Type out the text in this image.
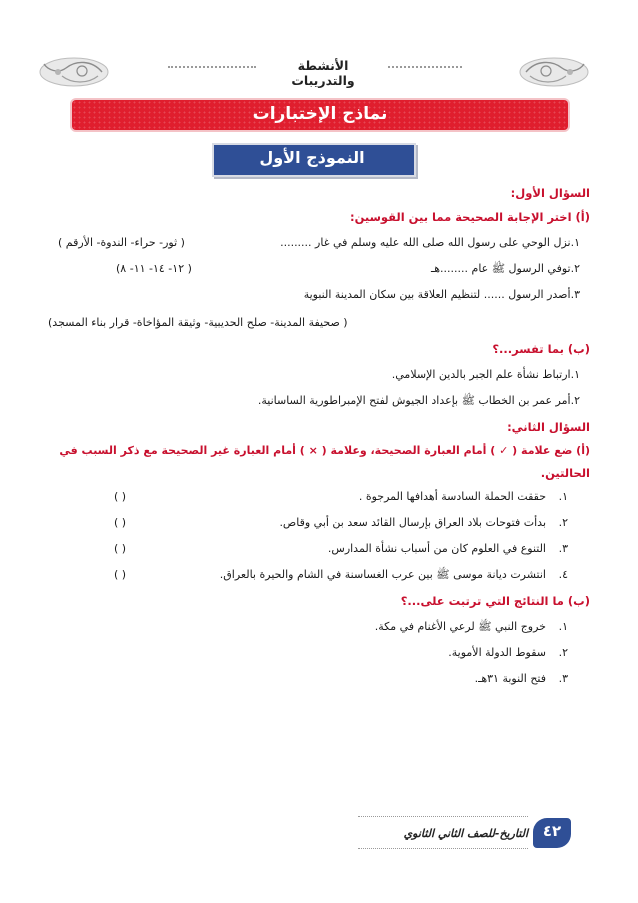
الأنشطة والتدريبات
نماذج الإختبارات
النموذج الأول
السؤال الأول:
(أ) اختر الإجابة الصحيحة مما بين القوسين:
١.نزل الوحي على رسول الله صلى الله عليه وسلم في غار .........
( ثور- حراء- الندوة- الأرقم )
٢.توفي الرسول ﷺ عام ........هـ
( ١٢- ١٤- ١١- ٨)
٣.أصدر الرسول ...... لتنظيم العلاقة بين سكان المدينة النبوية
( صحيفة المدينة- صلح الحديبية- وثيقة المؤاخاة- قرار بناء المسجد)
(ب) بما تفسر...؟
١.ارتباط نشأة علم الجبر بالدين الإسلامي.
٢.أمر عمر بن الخطاب ﷺ بإعداد الجيوش لفتح الإمبراطورية الساسانية.
السؤال الثاني:
(أ) ضع علامة ( ✓ ) أمام العبارة الصحيحة، وعلامة ( × ) أمام العبارة غير الصحيحة مع ذكر السبب في
الحالتين.
١.
حققت الحملة السادسة أهدافها المرجوة .
( )
٢.
بدأت فتوحات بلاد العراق بإرسال القائد سعد بن أبي وقاص.
( )
٣.
التنوع في العلوم كان من أسباب نشأة المدارس.
( )
٤.
انتشرت ديانة موسى ﷺ بين عرب الغساسنة في الشام والحيرة بالعراق.
( )
(ب) ما النتائج التي ترتبت على...؟
١.
خروج النبي ﷺ لرعي الأغنام في مكة.
٢.
سقوط الدولة الأموية.
٣.
فتح النوبة ٣١هـ.
التاريخ-للصف الثاني الثانوي ٤٢
